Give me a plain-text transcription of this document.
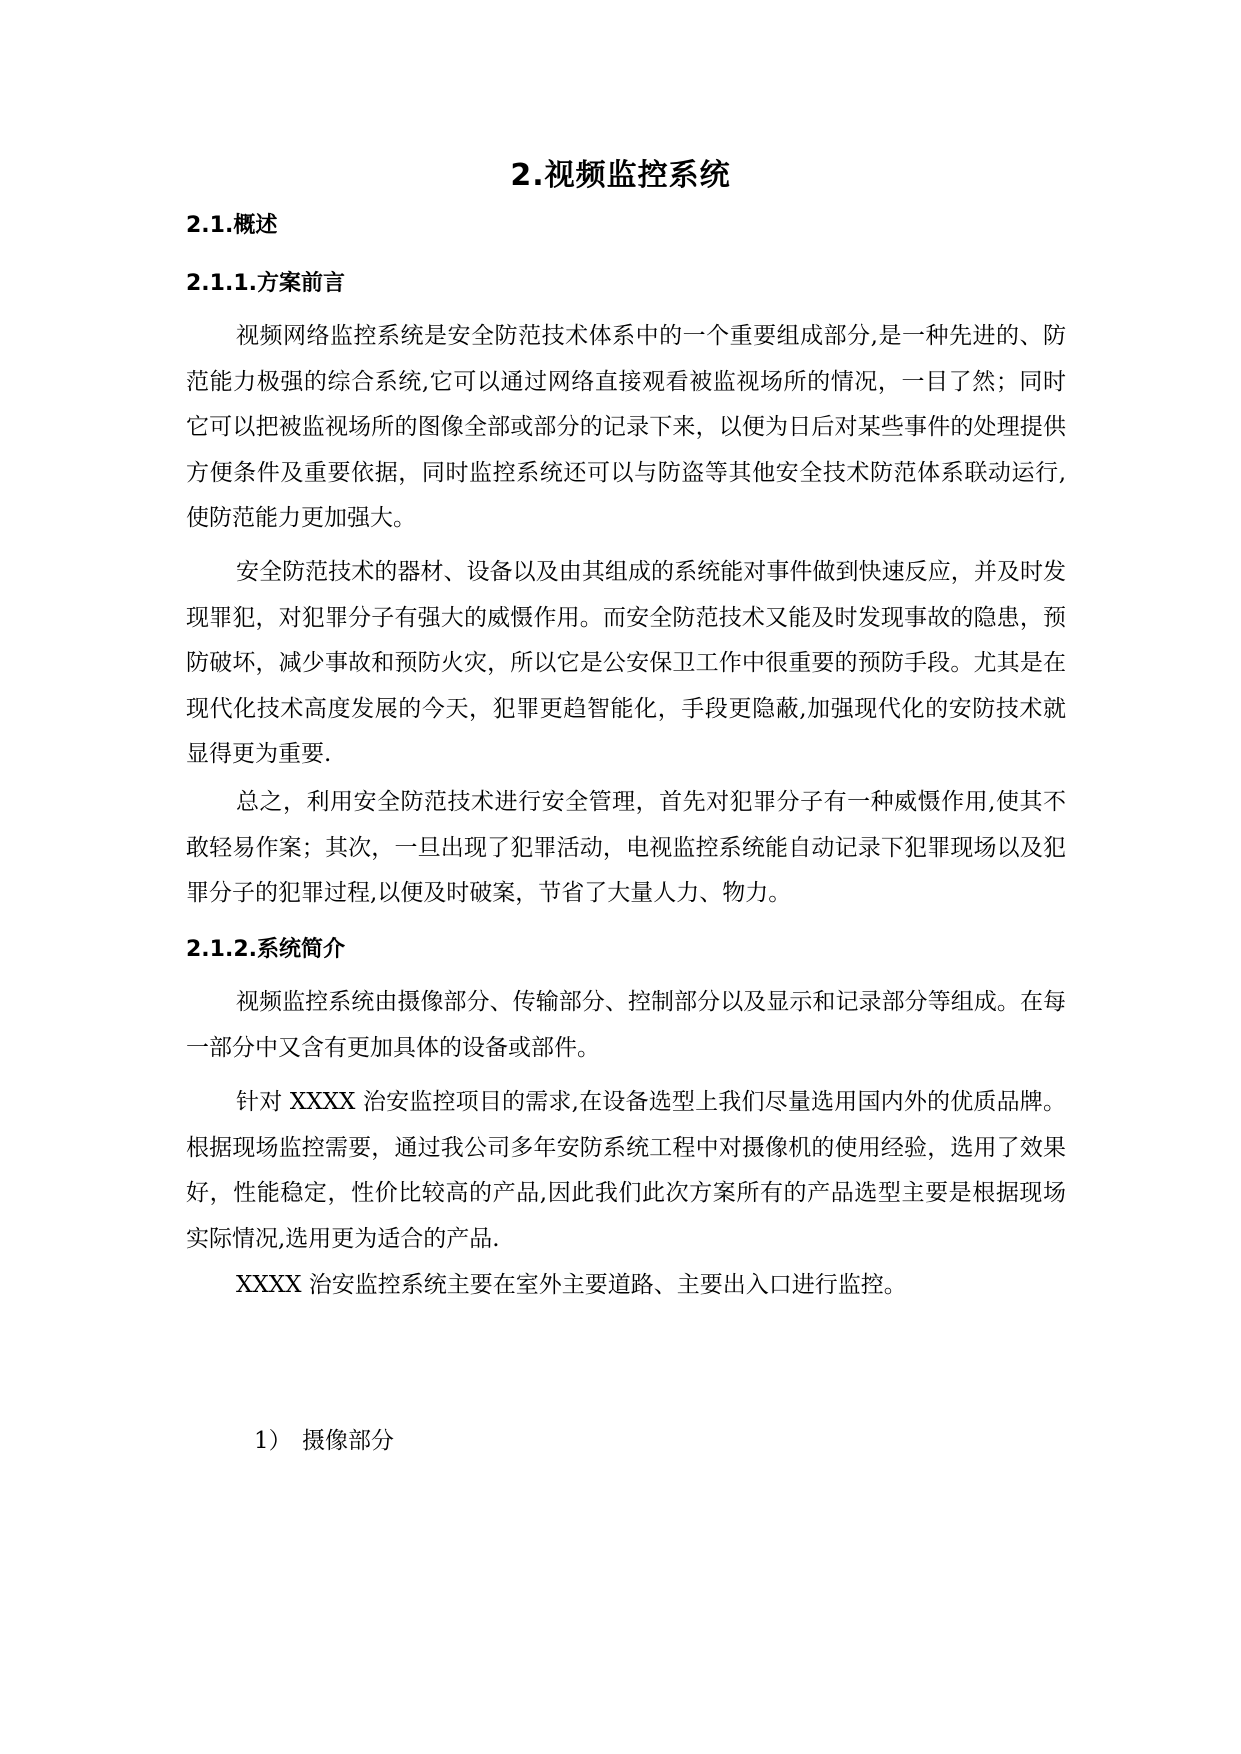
2.视频监控系统
2.1.概述
2.1.1.方案前言

视频网络监控系统是安全防范技术体系中的一个重要组成部分,是一种先进的、防范能力极强的综合系统,它可以通过网络直接观看被监视场所的情况，一目了然；同时它可以把被监视场所的图像全部或部分的记录下来，以便为日后对某些事件的处理提供方便条件及重要依据，同时监控系统还可以与防盗等其他安全技术防范体系联动运行,使防范能力更加强大。

安全防范技术的器材、设备以及由其组成的系统能对事件做到快速反应，并及时发现罪犯，对犯罪分子有强大的威慑作用。而安全防范技术又能及时发现事故的隐患，预防破坏，减少事故和预防火灾，所以它是公安保卫工作中很重要的预防手段。尤其是在现代化技术高度发展的今天，犯罪更趋智能化，手段更隐蔽,加强现代化的安防技术就显得更为重要.

总之，利用安全防范技术进行安全管理，首先对犯罪分子有一种威慑作用,使其不敢轻易作案；其次，一旦出现了犯罪活动，电视监控系统能自动记录下犯罪现场以及犯罪分子的犯罪过程,以便及时破案，节省了大量人力、物力。

2.1.2.系统简介

视频监控系统由摄像部分、传输部分、控制部分以及显示和记录部分等组成。在每一部分中又含有更加具体的设备或部件。

针对 XXXX 治安监控项目的需求,在设备选型上我们尽量选用国内外的优质品牌。根据现场监控需要，通过我公司多年安防系统工程中对摄像机的使用经验，选用了效果好，性能稳定，性价比较高的产品,因此我们此次方案所有的产品选型主要是根据现场实际情况,选用更为适合的产品.

XXXX 治安监控系统主要在室外主要道路、主要出入口进行监控。

1） 摄像部分
